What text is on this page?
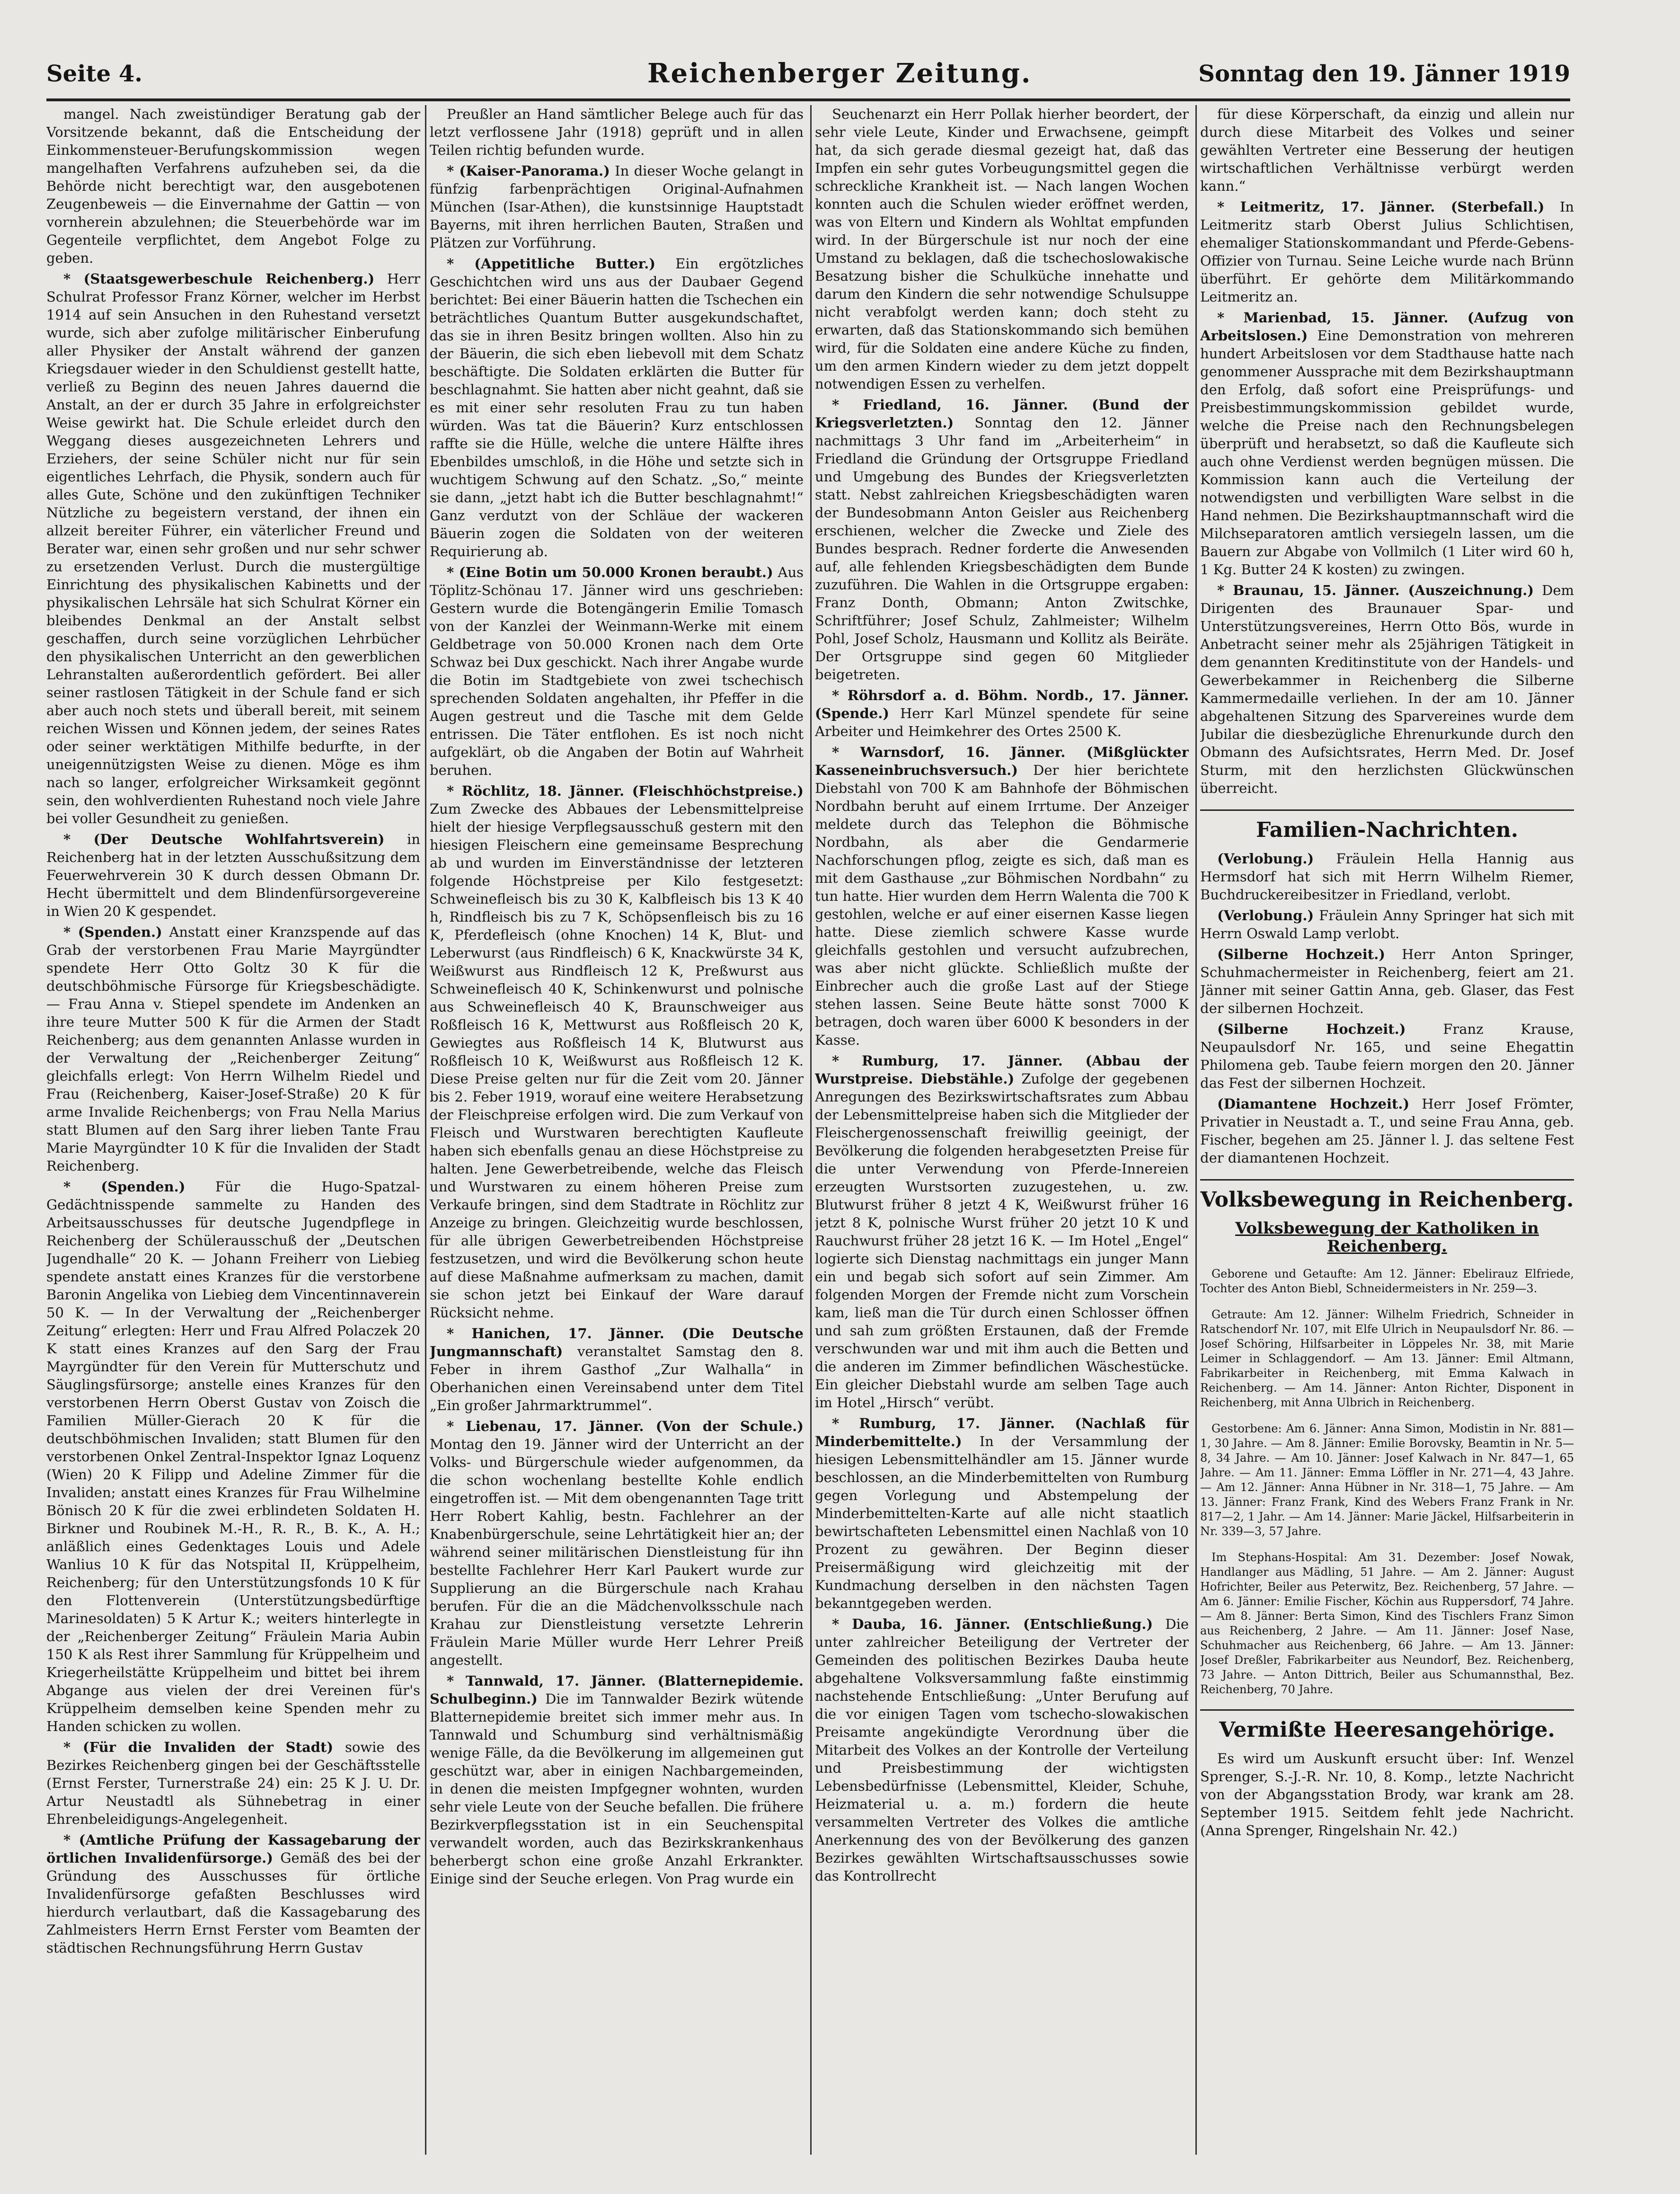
Seite 4.	Reichenberger Zeitung.	Sonntag den 19. Jänner 1919

mangel. Nach zweistündiger Beratung gab der Vorsitzende bekannt, daß die Entscheidung der Einkommensteuer-Berufungskommission wegen mangelhaften Verfahrens aufzuheben sei, da die Behörde nicht berechtigt war, den ausgebotenen Zeugenbeweis — die Einvernahme der Gattin — von vornherein abzulehnen; die Steuerbehörde war im Gegenteile verpflichtet, dem Angebot Folge zu geben.

* (Staatsgewerbeschule Reichenberg.) Herr Schulrat Professor Franz Körner, welcher im Herbst 1914 auf sein Ansuchen in den Ruhestand versetzt wurde, sich aber zufolge militärischer Einberufung aller Physiker der Anstalt während der ganzen Kriegsdauer wieder in den Schuldienst gestellt hatte, verließ zu Beginn des neuen Jahres dauernd die Anstalt, an der er durch 35 Jahre in erfolgreichster Weise gewirkt hat. Die Schule erleidet durch den Weggang dieses ausgezeichneten Lehrers und Erziehers, der seine Schüler nicht nur für sein eigentliches Lehrfach, die Physik, sondern auch für alles Gute, Schöne und den zukünftigen Techniker Nützliche zu begeistern verstand, der ihnen ein allzeit bereiter Führer, ein väterlicher Freund und Berater war, einen sehr großen und nur sehr schwer zu ersetzenden Verlust. Durch die mustergültige Einrichtung des physikalischen Kabinetts und der physikalischen Lehrsäle hat sich Schulrat Körner ein bleibendes Denkmal an der Anstalt selbst geschaffen, durch seine vorzüglichen Lehrbücher den physikalischen Unterricht an den gewerblichen Lehranstalten außerordentlich gefördert. Bei aller seiner rastlosen Tätigkeit in der Schule fand er sich aber auch noch stets und überall bereit, mit seinem reichen Wissen und Können jedem, der seines Rates oder seiner werktätigen Mithilfe bedurfte, in der uneigennützigsten Weise zu dienen. Möge es ihm nach so langer, erfolgreicher Wirksamkeit gegönnt sein, den wohlverdienten Ruhestand noch viele Jahre bei voller Gesundheit zu genießen.

* (Der Deutsche Wohlfahrtsverein) in Reichenberg hat in der letzten Ausschußsitzung dem Feuerwehrverein 30 K durch dessen Obmann Dr. Hecht übermittelt und dem Blindenfürsorgevereine in Wien 20 K gespendet.

* (Spenden.) Anstatt einer Kranzspende auf das Grab der verstorbenen Frau Marie Mayrgündter spendete Herr Otto Goltz 30 K für die deutschböhmische Fürsorge für Kriegsbeschädigte. — Frau Anna v. Stiepel spendete im Andenken an ihre teure Mutter 500 K für die Armen der Stadt Reichenberg; aus dem genannten Anlasse wurden in der Verwaltung der „Reichenberger Zeitung“ gleichfalls erlegt: Von Herrn Wilhelm Riedel und Frau (Reichenberg, Kaiser-Josef-Straße) 20 K für arme Invalide Reichenbergs; von Frau Nella Marius statt Blumen auf den Sarg ihrer lieben Tante Frau Marie Mayrgündter 10 K für die Invaliden der Stadt Reichenberg.

* (Spenden.) Für die Hugo-Spatzal-Gedächtnisspende sammelte zu Handen des Arbeitsausschusses für deutsche Jugendpflege in Reichenberg der Schülerausschuß der „Deutschen Jugendhalle“ 20 K. — Johann Freiherr von Liebieg spendete anstatt eines Kranzes für die verstorbene Baronin Angelika von Liebieg dem Vincentinnaverein 50 K. — In der Verwaltung der „Reichenberger Zeitung“ erlegten: Herr und Frau Alfred Polaczek 20 K statt eines Kranzes auf den Sarg der Frau Mayrgündter für den Verein für Mutterschutz und Säuglingsfürsorge; anstelle eines Kranzes für den verstorbenen Herrn Oberst Gustav von Zoisch die Familien Müller-Gierach 20 K für die deutschböhmischen Invaliden; statt Blumen für den verstorbenen Onkel Zentral-Inspektor Ignaz Loquenz (Wien) 20 K Filipp und Adeline Zimmer für die Invaliden; anstatt eines Kranzes für Frau Wilhelmine Bönisch 20 K für die zwei erblindeten Soldaten H. Birkner und Roubinek M.-H., R. R., B. K., A. H.; anläßlich eines Gedenktages Louis und Adele Wanlius 10 K für das Notspital II, Krüppelheim, Reichenberg; für den Unterstützungsfonds 10 K für den Flottenverein (Unterstützungsbedürftige Marinesoldaten) 5 K Artur K.; weiters hinterlegte in der „Reichenberger Zeitung“ Fräulein Maria Aubin 150 K als Rest ihrer Sammlung für Krüppelheim und Kriegerheilstätte Krüppelheim und bittet bei ihrem Abgange aus vielen der drei Vereinen für's Krüppelheim demselben keine Spenden mehr zu Handen schicken zu wollen.

* (Für die Invaliden der Stadt) sowie des Bezirkes Reichenberg gingen bei der Geschäftsstelle (Ernst Ferster, Turnerstraße 24) ein: 25 K J. U. Dr. Artur Neustadtl als Sühnebetrag in einer Ehrenbeleidigungs-Angelegenheit.

* (Amtliche Prüfung der Kassagebarung der örtlichen Invalidenfürsorge.) Gemäß des bei der Gründung des Ausschusses für örtliche Invalidenfürsorge gefaßten Beschlusses wird hierdurch verlautbart, daß die Kassagebarung des Zahlmeisters Herrn Ernst Ferster vom Beamten der städtischen Rechnungsführung Herrn Gustav

Preußler an Hand sämtlicher Belege auch für das letzt verflossene Jahr (1918) geprüft und in allen Teilen richtig befunden wurde.

* (Kaiser-Panorama.) In dieser Woche gelangt in fünfzig farbenprächtigen Original-Aufnahmen München (Isar-Athen), die kunstsinnige Hauptstadt Bayerns, mit ihren herrlichen Bauten, Straßen und Plätzen zur Vorführung.

* (Appetitliche Butter.) Ein ergötzliches Geschichtchen wird uns aus der Daubaer Gegend berichtet: Bei einer Bäuerin hatten die Tschechen ein beträchtliches Quantum Butter ausgekundschaftet, das sie in ihren Besitz bringen wollten. Also hin zu der Bäuerin, die sich eben liebevoll mit dem Schatz beschäftigte. Die Soldaten erklärten die Butter für beschlagnahmt. Sie hatten aber nicht geahnt, daß sie es mit einer sehr resoluten Frau zu tun haben würden. Was tat die Bäuerin? Kurz entschlossen raffte sie die Hülle, welche die untere Hälfte ihres Ebenbildes umschloß, in die Höhe und setzte sich in wuchtigem Schwung auf den Schatz. „So,“ meinte sie dann, „jetzt habt ich die Butter beschlagnahmt!“ Ganz verdutzt von der Schläue der wackeren Bäuerin zogen die Soldaten von der weiteren Requirierung ab.

* (Eine Botin um 50.000 Kronen beraubt.) Aus Töplitz-Schönau 17. Jänner wird uns geschrieben: Gestern wurde die Botengängerin Emilie Tomasch von der Kanzlei der Weinmann-Werke mit einem Geldbetrage von 50.000 Kronen nach dem Orte Schwaz bei Dux geschickt. Nach ihrer Angabe wurde die Botin im Stadtgebiete von zwei tschechisch sprechenden Soldaten angehalten, ihr Pfeffer in die Augen gestreut und die Tasche mit dem Gelde entrissen. Die Täter entflohen. Es ist noch nicht aufgeklärt, ob die Angaben der Botin auf Wahrheit beruhen.

* Röchlitz, 18. Jänner. (Fleischhöchstpreise.) Zum Zwecke des Abbaues der Lebensmittelpreise hielt der hiesige Verpflegsausschuß gestern mit den hiesigen Fleischern eine gemeinsame Besprechung ab und wurden im Einverständnisse der letzteren folgende Höchstpreise per Kilo festgesetzt: Schweinefleisch bis zu 30 K, Kalbfleisch bis 13 K 40 h, Rindfleisch bis zu 7 K, Schöpsenfleisch bis zu 16 K, Pferdefleisch (ohne Knochen) 14 K, Blut- und Leberwurst (aus Rindfleisch) 6 K, Knackwürste 34 K, Weißwurst aus Rindfleisch 12 K, Preßwurst aus Schweinefleisch 40 K, Schinkenwurst und polnische aus Schweinefleisch 40 K, Braunschweiger aus Roßfleisch 16 K, Mettwurst aus Roßfleisch 20 K, Gewiegtes aus Roßfleisch 14 K, Blutwurst aus Roßfleisch 10 K, Weißwurst aus Roßfleisch 12 K. Diese Preise gelten nur für die Zeit vom 20. Jänner bis 2. Feber 1919, worauf eine weitere Herabsetzung der Fleischpreise erfolgen wird. Die zum Verkauf von Fleisch und Wurstwaren berechtigten Kaufleute haben sich ebenfalls genau an diese Höchstpreise zu halten. Jene Gewerbetreibende, welche das Fleisch und Wurstwaren zu einem höheren Preise zum Verkaufe bringen, sind dem Stadtrate in Röchlitz zur Anzeige zu bringen. Gleichzeitig wurde beschlossen, für alle übrigen Gewerbetreibenden Höchstpreise festzusetzen, und wird die Bevölkerung schon heute auf diese Maßnahme aufmerksam zu machen, damit sie schon jetzt bei Einkauf der Ware darauf Rücksicht nehme.

* Hanichen, 17. Jänner. (Die Deutsche Jungmannschaft) veranstaltet Samstag den 8. Feber in ihrem Gasthof „Zur Walhalla“ in Oberhanichen einen Vereinsabend unter dem Titel „Ein großer Jahrmarktrummel“.

* Liebenau, 17. Jänner. (Von der Schule.) Montag den 19. Jänner wird der Unterricht an der Volks- und Bürgerschule wieder aufgenommen, da die schon wochenlang bestellte Kohle endlich eingetroffen ist. — Mit dem obengenannten Tage tritt Herr Robert Kahlig, bestn. Fachlehrer an der Knabenbürgerschule, seine Lehrtätigkeit hier an; der während seiner militärischen Dienstleistung für ihn bestellte Fachlehrer Herr Karl Paukert wurde zur Supplierung an die Bürgerschule nach Krahau berufen. Für die an die Mädchenvolksschule nach Krahau zur Dienstleistung versetzte Lehrerin Fräulein Marie Müller wurde Herr Lehrer Preiß angestellt.

* Tannwald, 17. Jänner. (Blatternepidemie. Schulbeginn.) Die im Tannwalder Bezirk wütende Blatternepidemie breitet sich immer mehr aus. In Tannwald und Schumburg sind verhältnismäßig wenige Fälle, da die Bevölkerung im allgemeinen gut geschützt war, aber in einigen Nachbargemeinden, in denen die meisten Impfgegner wohnten, wurden sehr viele Leute von der Seuche befallen. Die frühere Bezirkverpflegsstation ist in ein Seuchenspital verwandelt worden, auch das Bezirkskrankenhaus beherbergt schon eine große Anzahl Erkrankter. Einige sind der Seuche erlegen. Von Prag wurde ein

Seuchenarzt ein Herr Pollak hierher beordert, der sehr viele Leute, Kinder und Erwachsene, geimpft hat, da sich gerade diesmal gezeigt hat, daß das Impfen ein sehr gutes Vorbeugungsmittel gegen die schreckliche Krankheit ist. — Nach langen Wochen konnten auch die Schulen wieder eröffnet werden, was von Eltern und Kindern als Wohltat empfunden wird. In der Bürgerschule ist nur noch der eine Umstand zu beklagen, daß die tschechoslowakische Besatzung bisher die Schulküche innehatte und darum den Kindern die sehr notwendige Schulsuppe nicht verabfolgt werden kann; doch steht zu erwarten, daß das Stationskommando sich bemühen wird, für die Soldaten eine andere Küche zu finden, um den armen Kindern wieder zu dem jetzt doppelt notwendigen Essen zu verhelfen.

* Friedland, 16. Jänner. (Bund der Kriegsverletzten.) Sonntag den 12. Jänner nachmittags 3 Uhr fand im „Arbeiterheim“ in Friedland die Gründung der Ortsgruppe Friedland und Umgebung des Bundes der Kriegsverletzten statt. Nebst zahlreichen Kriegsbeschädigten waren der Bundesobmann Anton Geisler aus Reichenberg erschienen, welcher die Zwecke und Ziele des Bundes besprach. Redner forderte die Anwesenden auf, alle fehlenden Kriegsbeschädigten dem Bunde zuzuführen. Die Wahlen in die Ortsgruppe ergaben: Franz Donth, Obmann; Anton Zwitschke, Schriftführer; Josef Schulz, Zahlmeister; Wilhelm Pohl, Josef Scholz, Hausmann und Kollitz als Beiräte. Der Ortsgruppe sind gegen 60 Mitglieder beigetreten.

* Röhrsdorf a. d. Böhm. Nordb., 17. Jänner. (Spende.) Herr Karl Münzel spendete für seine Arbeiter und Heimkehrer des Ortes 2500 K.

* Warnsdorf, 16. Jänner. (Mißglückter Kasseneinbruchsversuch.) Der hier berichtete Diebstahl von 700 K am Bahnhofe der Böhmischen Nordbahn beruht auf einem Irrtume. Der Anzeiger meldete durch das Telephon die Böhmische Nordbahn, als aber die Gendarmerie Nachforschungen pflog, zeigte es sich, daß man es mit dem Gasthause „zur Böhmischen Nordbahn“ zu tun hatte. Hier wurden dem Herrn Walenta die 700 K gestohlen, welche er auf einer eisernen Kasse liegen hatte. Diese ziemlich schwere Kasse wurde gleichfalls gestohlen und versucht aufzubrechen, was aber nicht glückte. Schließlich mußte der Einbrecher auch die große Last auf der Stiege stehen lassen. Seine Beute hätte sonst 7000 K betragen, doch waren über 6000 K besonders in der Kasse.

* Rumburg, 17. Jänner. (Abbau der Wurstpreise. Diebstähle.) Zufolge der gegebenen Anregungen des Bezirkswirtschaftsrates zum Abbau der Lebensmittelpreise haben sich die Mitglieder der Fleischergenossenschaft freiwillig geeinigt, der Bevölkerung die folgenden herabgesetzten Preise für die unter Verwendung von Pferde-Innereien erzeugten Wurstsorten zuzugestehen, u. zw. Blutwurst früher 8 jetzt 4 K, Weißwurst früher 16 jetzt 8 K, polnische Wurst früher 20 jetzt 10 K und Rauchwurst früher 28 jetzt 16 K. — Im Hotel „Engel“ logierte sich Dienstag nachmittags ein junger Mann ein und begab sich sofort auf sein Zimmer. Am folgenden Morgen der Fremde nicht zum Vorschein kam, ließ man die Tür durch einen Schlosser öffnen und sah zum größten Erstaunen, daß der Fremde verschwunden war und mit ihm auch die Betten und die anderen im Zimmer befindlichen Wäschestücke. Ein gleicher Diebstahl wurde am selben Tage auch im Hotel „Hirsch“ verübt.

* Rumburg, 17. Jänner. (Nachlaß für Minderbemittelte.) In der Versammlung der hiesigen Lebensmittelhändler am 15. Jänner wurde beschlossen, an die Minderbemittelten von Rumburg gegen Vorlegung und Abstempelung der Minderbemittelten-Karte auf alle nicht staatlich bewirtschafteten Lebensmittel einen Nachlaß von 10 Prozent zu gewähren. Der Beginn dieser Preisermäßigung wird gleichzeitig mit der Kundmachung derselben in den nächsten Tagen bekanntgegeben werden.

* Dauba, 16. Jänner. (Entschließung.) Die unter zahlreicher Beteiligung der Vertreter der Gemeinden des politischen Bezirkes Dauba heute abgehaltene Volksversammlung faßte einstimmig nachstehende Entschließung: „Unter Berufung auf die vor einigen Tagen vom tschecho-slowakischen Preisamte angekündigte Verordnung über die Mitarbeit des Volkes an der Kontrolle der Verteilung und Preisbestimmung der wichtigsten Lebensbedürfnisse (Lebensmittel, Kleider, Schuhe, Heizmaterial u. a. m.) fordern die heute versammelten Vertreter des Volkes die amtliche Anerkennung des von der Bevölkerung des ganzen Bezirkes gewählten Wirtschaftsausschusses sowie das Kontrollrecht

für diese Körperschaft, da einzig und allein nur durch diese Mitarbeit des Volkes und seiner gewählten Vertreter eine Besserung der heutigen wirtschaftlichen Verhältnisse verbürgt werden kann.“

* Leitmeritz, 17. Jänner. (Sterbefall.) In Leitmeritz starb Oberst Julius Schlichtisen, ehemaliger Stationskommandant und Pferde-Gebens-Offizier von Turnau. Seine Leiche wurde nach Brünn überführt. Er gehörte dem Militärkommando Leitmeritz an.

* Marienbad, 15. Jänner. (Aufzug von Arbeitslosen.) Eine Demonstration von mehreren hundert Arbeitslosen vor dem Stadthause hatte nach genommener Aussprache mit dem Bezirkshauptmann den Erfolg, daß sofort eine Preisprüfungs- und Preisbestimmungskommission gebildet wurde, welche die Preise nach den Rechnungsbelegen überprüft und herabsetzt, so daß die Kaufleute sich auch ohne Verdienst werden begnügen müssen. Die Kommission kann auch die Verteilung der notwendigsten und verbilligten Ware selbst in die Hand nehmen. Die Bezirkshauptmannschaft wird die Milchseparatoren amtlich versiegeln lassen, um die Bauern zur Abgabe von Vollmilch (1 Liter wird 60 h, 1 Kg. Butter 24 K kosten) zu zwingen.

* Braunau, 15. Jänner. (Auszeichnung.) Dem Dirigenten des Braunauer Spar- und Unterstützungsvereines, Herrn Otto Bös, wurde in Anbetracht seiner mehr als 25jährigen Tätigkeit in dem genannten Kreditinstitute von der Handels- und Gewerbekammer in Reichenberg die Silberne Kammermedaille verliehen. In der am 10. Jänner abgehaltenen Sitzung des Sparvereines wurde dem Jubilar die diesbezügliche Ehrenurkunde durch den Obmann des Aufsichtsrates, Herrn Med. Dr. Josef Sturm, mit den herzlichsten Glückwünschen überreicht.

Familien-Nachrichten.

(Verlobung.) Fräulein Hella Hannig aus Hermsdorf hat sich mit Herrn Wilhelm Riemer, Buchdruckereibesitzer in Friedland, verlobt.

(Verlobung.) Fräulein Anny Springer hat sich mit Herrn Oswald Lamp verlobt.

(Silberne Hochzeit.) Herr Anton Springer, Schuhmachermeister in Reichenberg, feiert am 21. Jänner mit seiner Gattin Anna, geb. Glaser, das Fest der silbernen Hochzeit.

(Silberne Hochzeit.)	Franz Krause, Neupaulsdorf Nr. 165, und seine Ehegattin Philomena geb. Taube feiern morgen den 20. Jänner das Fest der silbernen Hochzeit.

(Diamantene Hochzeit.) Herr Josef Frömter, Privatier in Neustadt a. T., und seine Frau Anna, geb. Fischer, begehen am 25. Jänner l. J. das seltene Fest der diamantenen Hochzeit.

Volksbewegung in Reichenberg.
Volksbewegung der Katholiken in Reichenberg.

Geborene und Getaufte: Am 12. Jänner: Ebelirauz Elfriede, Tochter des Anton Biebl, Schneidermeisters in Nr. 259—3.

Getraute: Am 12. Jänner: Wilhelm Friedrich, Schneider in Ratschendorf Nr. 107, mit Elfe Ulrich in Neupaulsdorf Nr. 86. — Josef Schöring, Hilfsarbeiter in Löppeles Nr. 38, mit Marie Leimer in Schlaggendorf. — Am 13. Jänner: Emil Altmann, Fabrikarbeiter in Reichenberg, mit Emma Kalwach in Reichenberg. — Am 14. Jänner: Anton Richter, Disponent in Reichenberg, mit Anna Ulbrich in Reichenberg.

Gestorbene: Am 6. Jänner: Anna Simon, Modistin in Nr. 881—1, 30 Jahre. — Am 8. Jänner: Emilie Borovsky, Beamtin in Nr. 5—8, 34 Jahre. — Am 10. Jänner: Josef Kalwach in Nr. 847—1, 65 Jahre. — Am 11. Jänner: Emma Löffler in Nr. 271—4, 43 Jahre. — Am 12. Jänner: Anna Hübner in Nr. 318—1, 75 Jahre. — Am 13. Jänner: Franz Frank, Kind des Webers Franz Frank in Nr. 817—2, 1 Jahr. — Am 14. Jänner: Marie Jäckel, Hilfsarbeiterin in Nr. 339—3, 57 Jahre.

Im Stephans-Hospital: Am 31. Dezember: Josef Nowak, Handlanger aus Mädling, 51 Jahre. — Am 2. Jänner: August Hofrichter, Beiler aus Peterwitz, Bez. Reichenberg, 57 Jahre. — Am 6. Jänner: Emilie Fischer, Köchin aus Ruppersdorf, 74 Jahre. — Am 8. Jänner: Berta Simon, Kind des Tischlers Franz Simon aus Reichenberg, 2 Jahre. — Am 11. Jänner: Josef Nase, Schuhmacher aus Reichenberg, 66 Jahre. — Am 13. Jänner: Josef Dreßler, Fabrikarbeiter aus Neundorf, Bez. Reichenberg, 73 Jahre. — Anton Dittrich, Beiler aus Schumannsthal, Bez. Reichenberg, 70 Jahre.

Vermißte Heeresangehörige.

Es wird um Auskunft ersucht über: Inf. Wenzel Sprenger, S.-J.-R. Nr. 10, 8. Komp., letzte Nachricht von der Abgangsstation Brody, war krank am 28. September 1915. Seitdem fehlt jede Nachricht. (Anna Sprenger, Ringelshain Nr. 42.)
